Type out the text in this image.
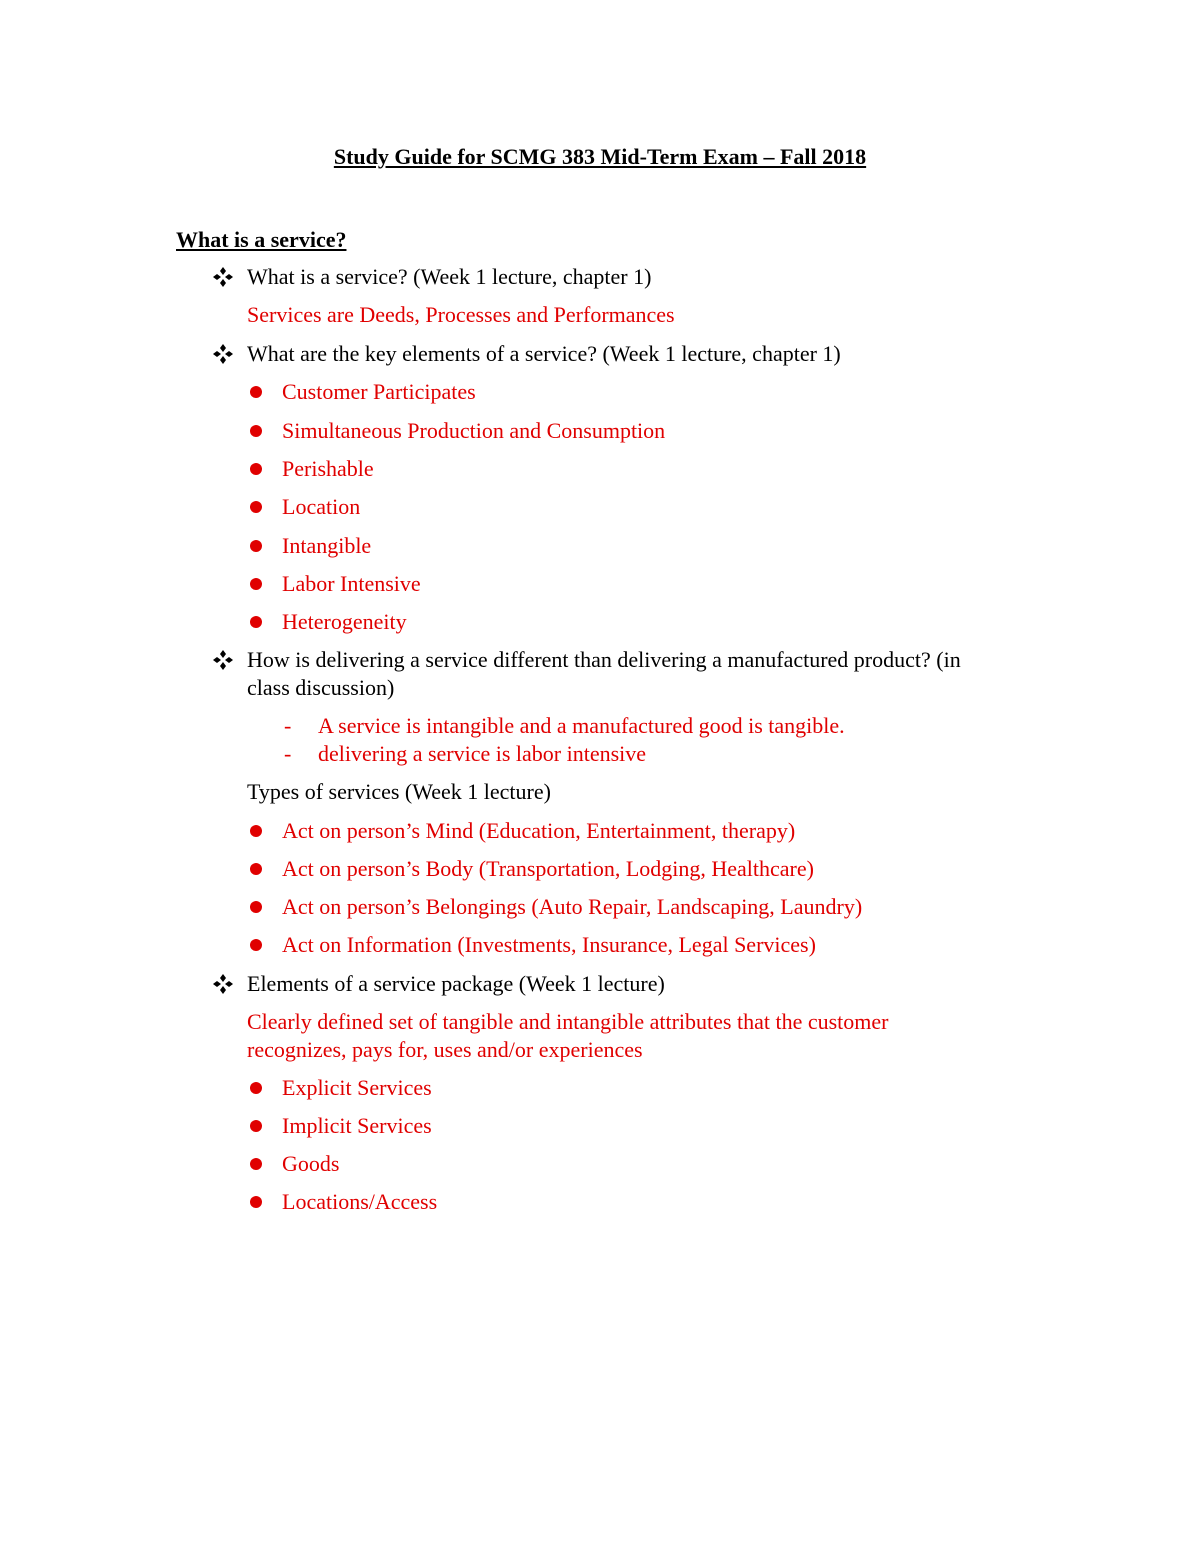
Study Guide for SCMG 383 Mid-Term Exam – Fall 2018
What is a service?
What is a service? (Week 1 lecture, chapter 1)
Services are Deeds, Processes and Performances
What are the key elements of a service? (Week 1 lecture, chapter 1)
Customer Participates
Simultaneous Production and Consumption
Perishable
Location
Intangible
Labor Intensive
Heterogeneity
How is delivering a service different than delivering a manufactured product? (in
class discussion)
- A service is intangible and a manufactured good is tangible.
- delivering a service is labor intensive
Types of services (Week 1 lecture)
Act on person’s Mind (Education, Entertainment, therapy)
Act on person’s Body (Transportation, Lodging, Healthcare)
Act on person’s Belongings (Auto Repair, Landscaping, Laundry)
Act on Information (Investments, Insurance, Legal Services)
Elements of a service package (Week 1 lecture)
Clearly defined set of tangible and intangible attributes that the customer
recognizes, pays for, uses and/or experiences
Explicit Services
Implicit Services
Goods
Locations/Access
